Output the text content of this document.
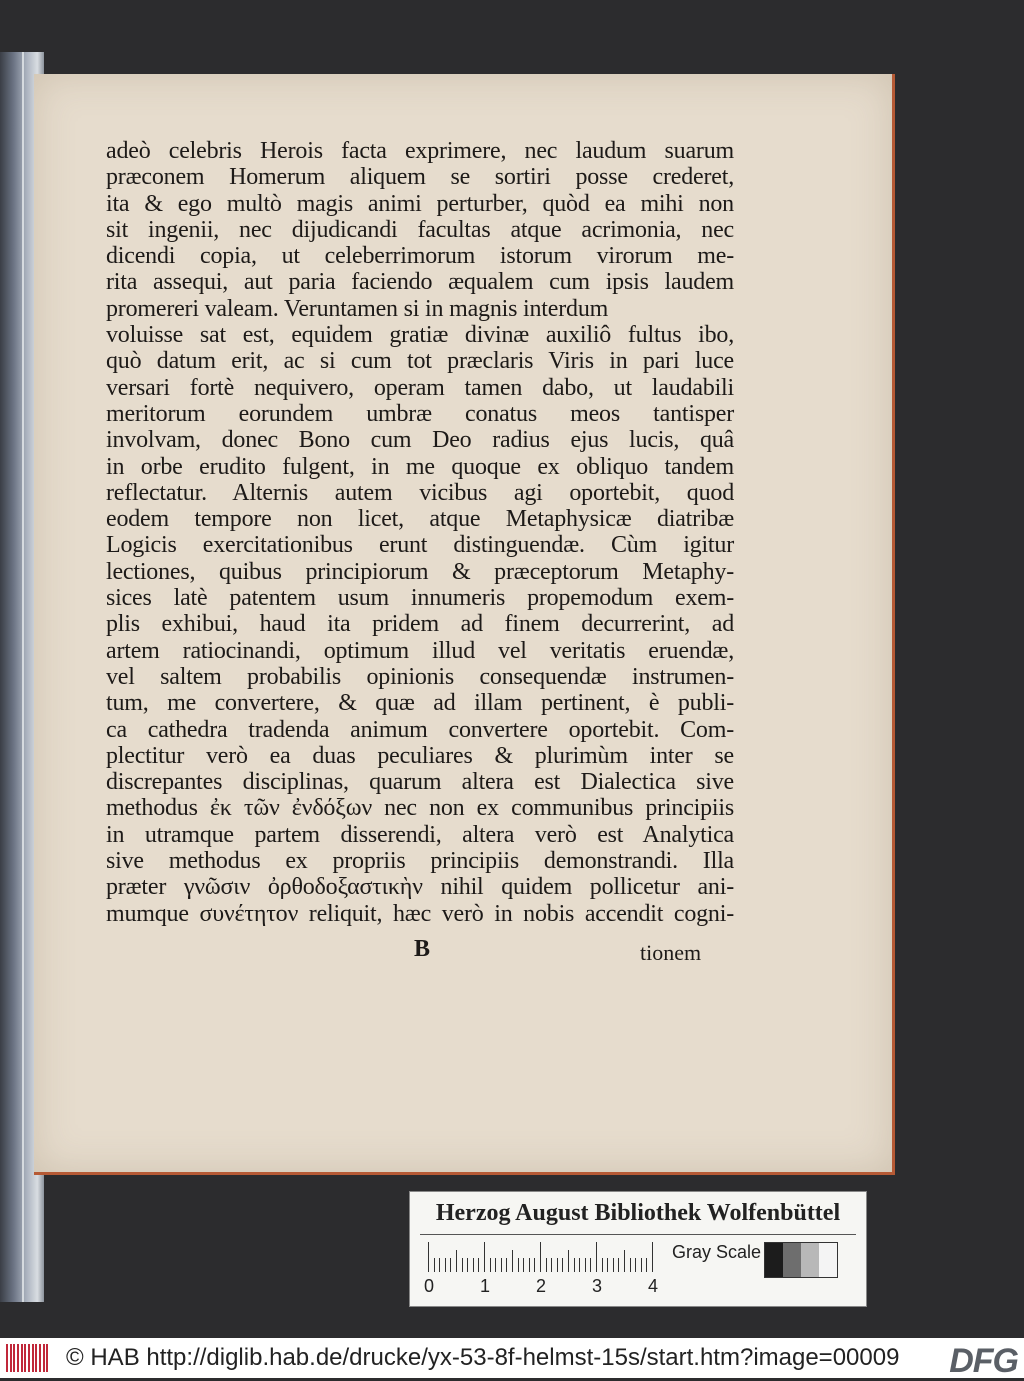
adeò celebris Herois facta exprimere, nec laudum suarum
præconem Homerum aliquem se sortiri posse crederet,
ita & ego multò magis animi perturber, quòd ea mihi non
sit ingenii, nec dijudicandi facultas atque acrimonia, nec
dicendi copia, ut celeberrimorum istorum virorum me-
rita assequi, aut paria faciendo æqualem cum ipsis laudem
promereri valeam. Veruntamen si in magnis interdum
voluisse sat est, equidem gratiæ divinæ auxiliô fultus ibo,
quò datum erit, ac si cum tot præclaris Viris in pari luce
versari fortè nequivero, operam tamen dabo, ut laudabili
meritorum eorundem umbræ conatus meos tantisper
involvam, donec Bono cum Deo radius ejus lucis, quâ
in orbe erudito fulgent, in me quoque ex obliquo tandem
reflectatur. Alternis autem vicibus agi oportebit, quod
eodem tempore non licet, atque Metaphysicæ diatribæ
Logicis exercitationibus erunt distinguendæ. Cùm igitur
lectiones, quibus principiorum & præceptorum Metaphy-
sices latè patentem usum innumeris propemodum exem-
plis exhibui, haud ita pridem ad finem decurrerint, ad
artem ratiocinandi, optimum illud vel veritatis eruendæ,
vel saltem probabilis opinionis consequendæ instrumen-
tum, me convertere, & quæ ad illam pertinent, è publi-
ca cathedra tradenda animum convertere oportebit. Com-
plectitur verò ea duas peculiares & plurimùm inter se
discrepantes disciplinas, quarum altera est Dialectica sive
methodus ἐκ τῶν ἐνδόξων nec non ex communibus principiis
in utramque partem disserendi, altera verò est Analytica
sive methodus ex propriis principiis demonstrandi. Illa
præter γνῶσιν ὀρθοδοξαστικὴν nihil quidem pollicetur ani-
mumque συνέτητον reliquit, hæc verò in nobis accendit cogni-
B	tionem
Herzog August Bibliothek Wolfenbüttel
0	1	2	3	4
Gray Scale
© HAB http://diglib.hab.de/drucke/yx-53-8f-helmst-15s/start.htm?image=00009 DFG
